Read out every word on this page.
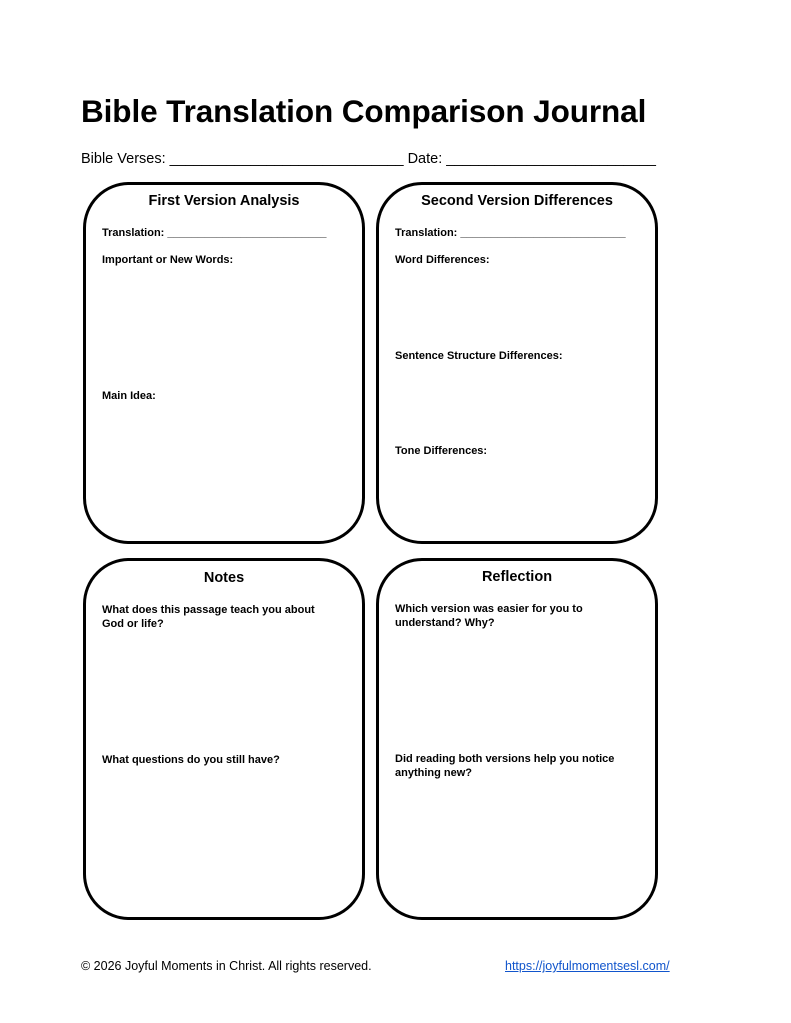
Bible Translation Comparison Journal
Bible Verses: _____________________________ Date: __________________________
First Version Analysis
Translation: __________________________
Important or New Words:
Main Idea:
Second Version Differences
Translation: ___________________________
Word Differences:
Sentence Structure Differences:
Tone Differences:
Notes
What does this passage teach you about
God or life?
What questions do you still have?
Reflection
Which version was easier for you to
understand? Why?
Did reading both versions help you notice
anything new?
© 2026 Joyful Moments in Christ. All rights reserved.	https://joyfulmomentsesl.com/
